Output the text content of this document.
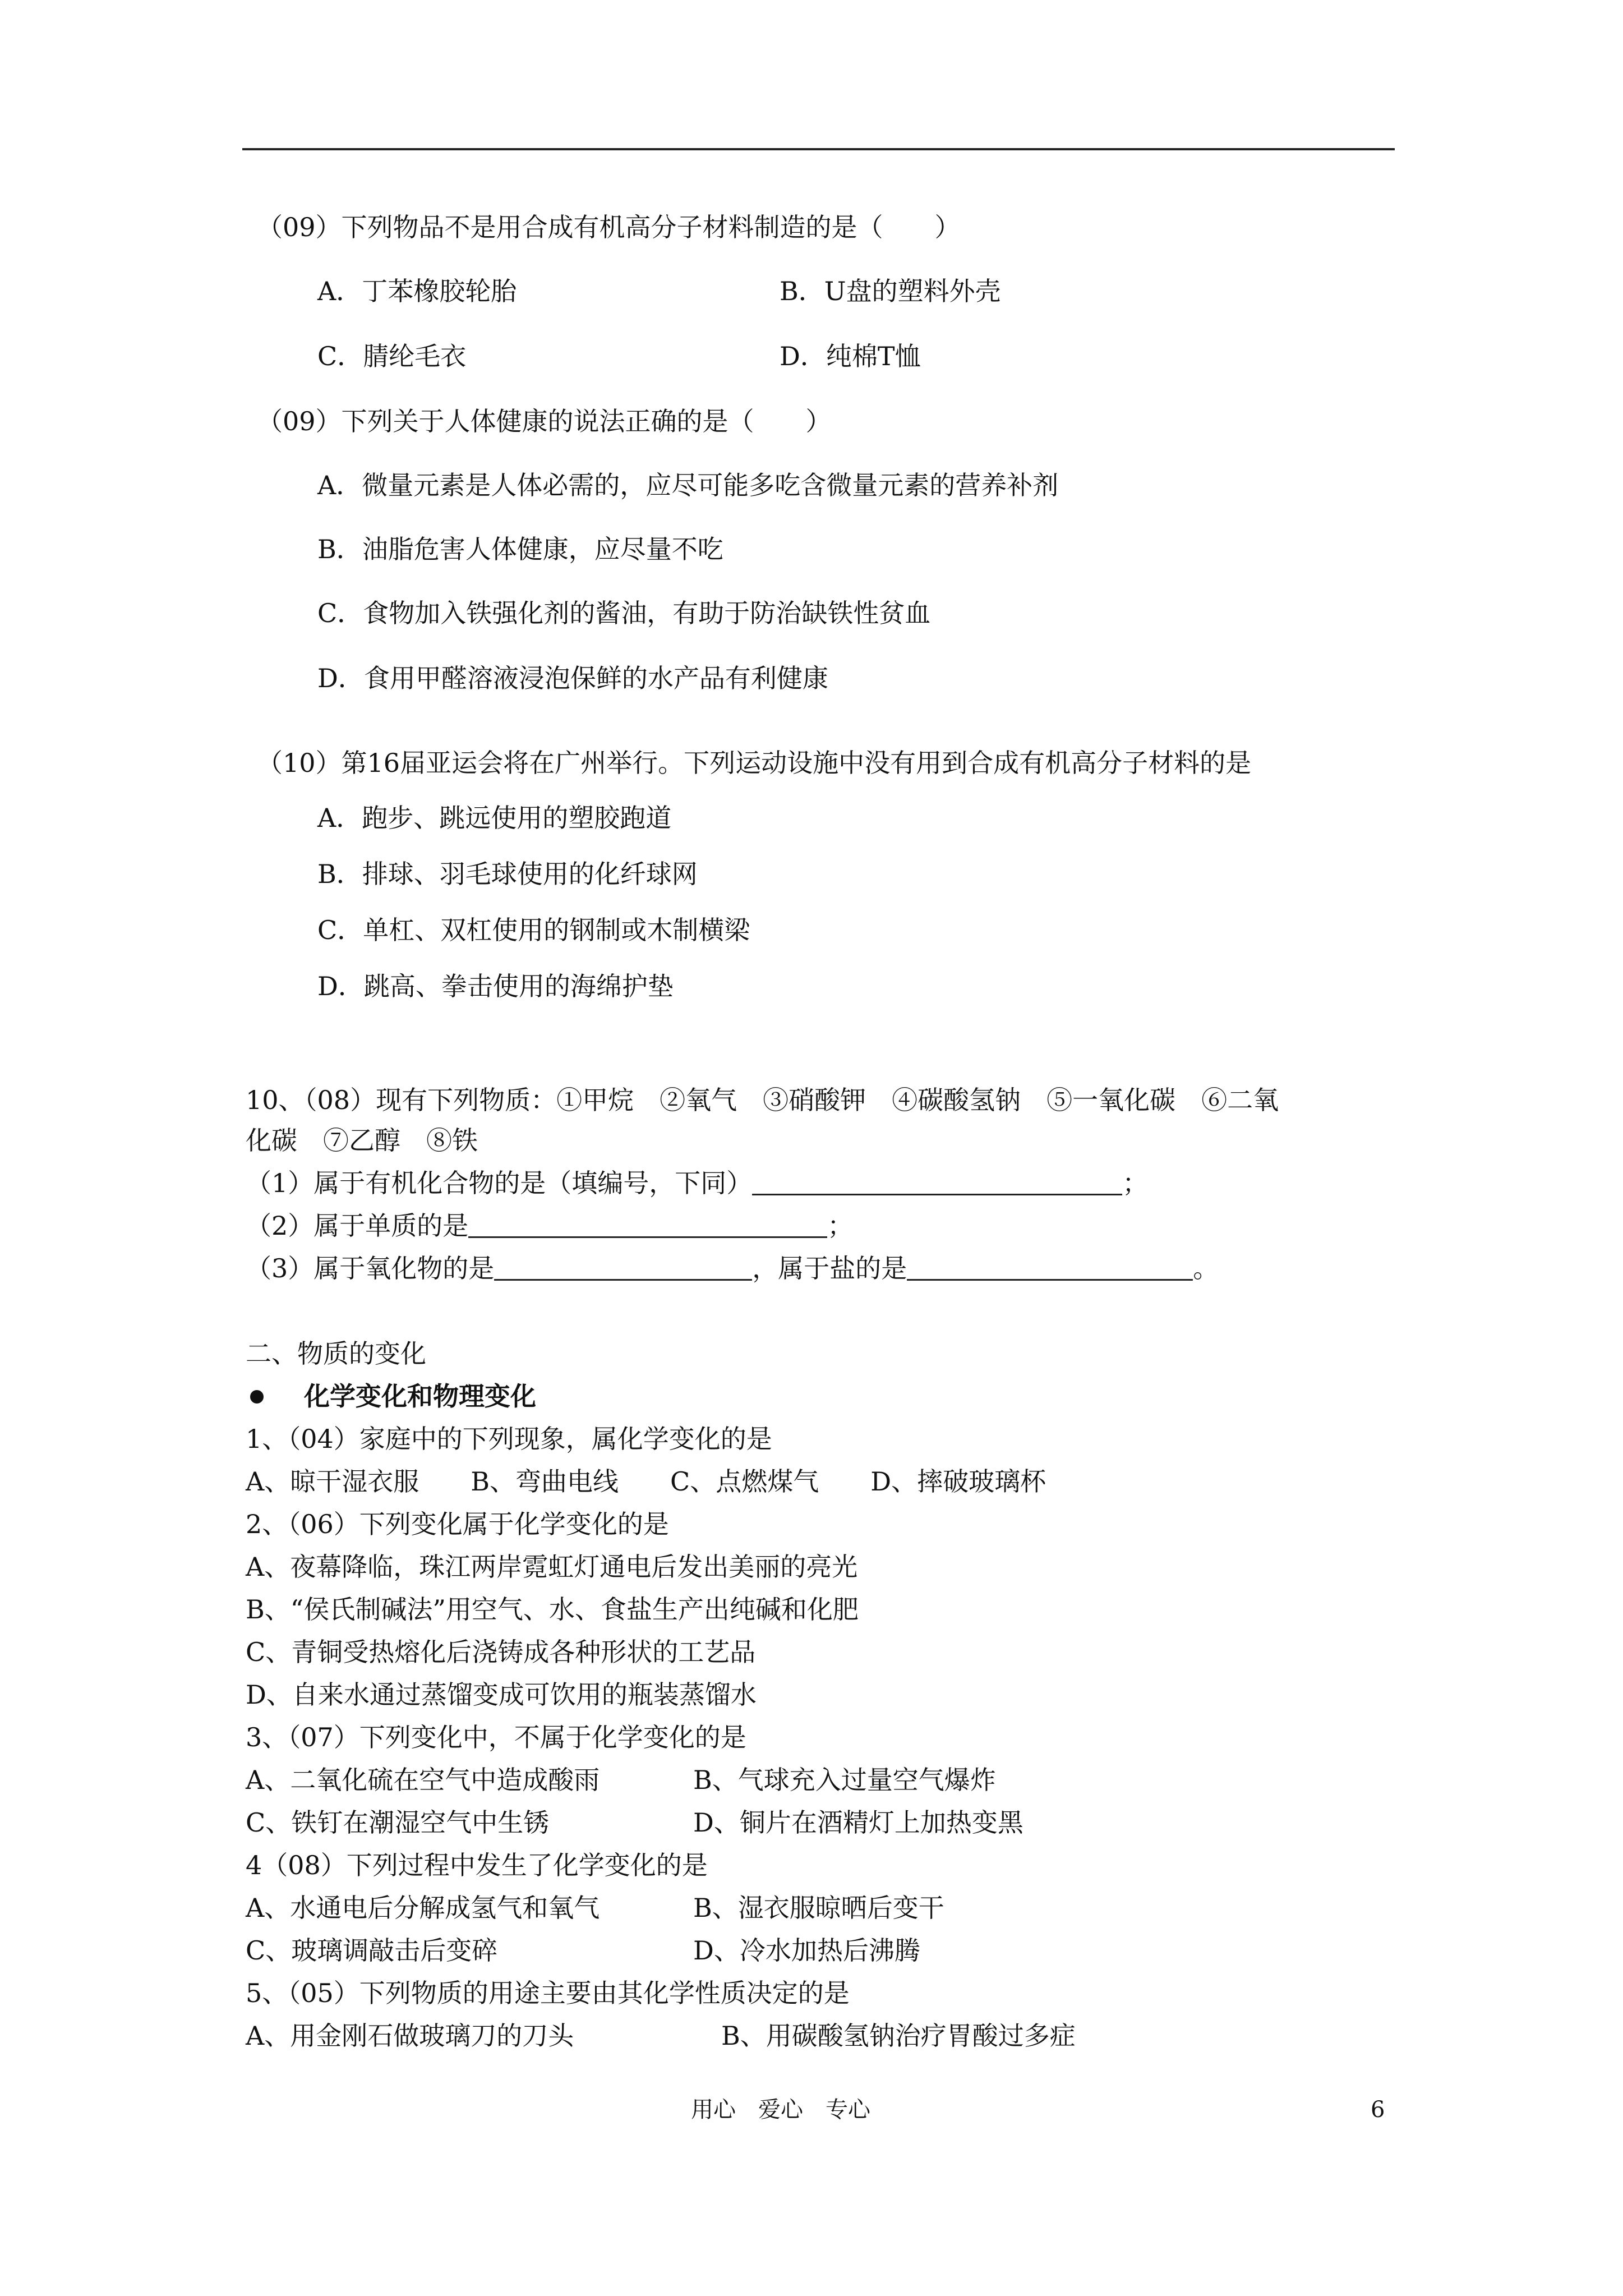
（09）下列物品不是用合成有机高分子材料制造的是（　　）
A．丁苯橡胶轮胎	B．U盘的塑料外壳
C．腈纶毛衣	D．纯棉T恤
（09）下列关于人体健康的说法正确的是（　　）
A．微量元素是人体必需的，应尽可能多吃含微量元素的营养补剂
B．油脂危害人体健康，应尽量不吃
C．食物加入铁强化剂的酱油，有助于防治缺铁性贫血
D．食用甲醛溶液浸泡保鲜的水产品有利健康
（10）第16届亚运会将在广州举行。下列运动设施中没有用到合成有机高分子材料的是
A．跑步、跳远使用的塑胶跑道
B．排球、羽毛球使用的化纤球网
C．单杠、双杠使用的钢制或木制横梁
D．跳高、拳击使用的海绵护垫
10、（08）现有下列物质：①甲烷　②氧气　③硝酸钾　④碳酸氢钠　⑤一氧化碳　⑥二氧
化碳　⑦乙醇　⑧铁
（1）属于有机化合物的是（填编号，下同）	；
（2）属于单质的是	；
（3）属于氧化物的是	，属于盐的是	。
二、物质的变化
化学变化和物理变化
1、（04）家庭中的下列现象，属化学变化的是
A、晾干湿衣服　　B、弯曲电线　　C、点燃煤气　　D、摔破玻璃杯
2、（06）下列变化属于化学变化的是
A、夜幕降临，珠江两岸霓虹灯通电后发出美丽的亮光
B、“侯氏制碱法”用空气、水、食盐生产出纯碱和化肥
C、青铜受热熔化后浇铸成各种形状的工艺品
D、自来水通过蒸馏变成可饮用的瓶装蒸馏水
3、（07）下列变化中，不属于化学变化的是
A、二氧化硫在空气中造成酸雨	B、气球充入过量空气爆炸
C、铁钉在潮湿空气中生锈	D、铜片在酒精灯上加热变黑
4（08）下列过程中发生了化学变化的是
A、水通电后分解成氢气和氧气	B、湿衣服晾晒后变干
C、玻璃调敲击后变碎	D、冷水加热后沸腾
5、（05）下列物质的用途主要由其化学性质决定的是
A、用金刚石做玻璃刀的刀头	B、用碳酸氢钠治疗胃酸过多症
用心　爱心　专心	6
